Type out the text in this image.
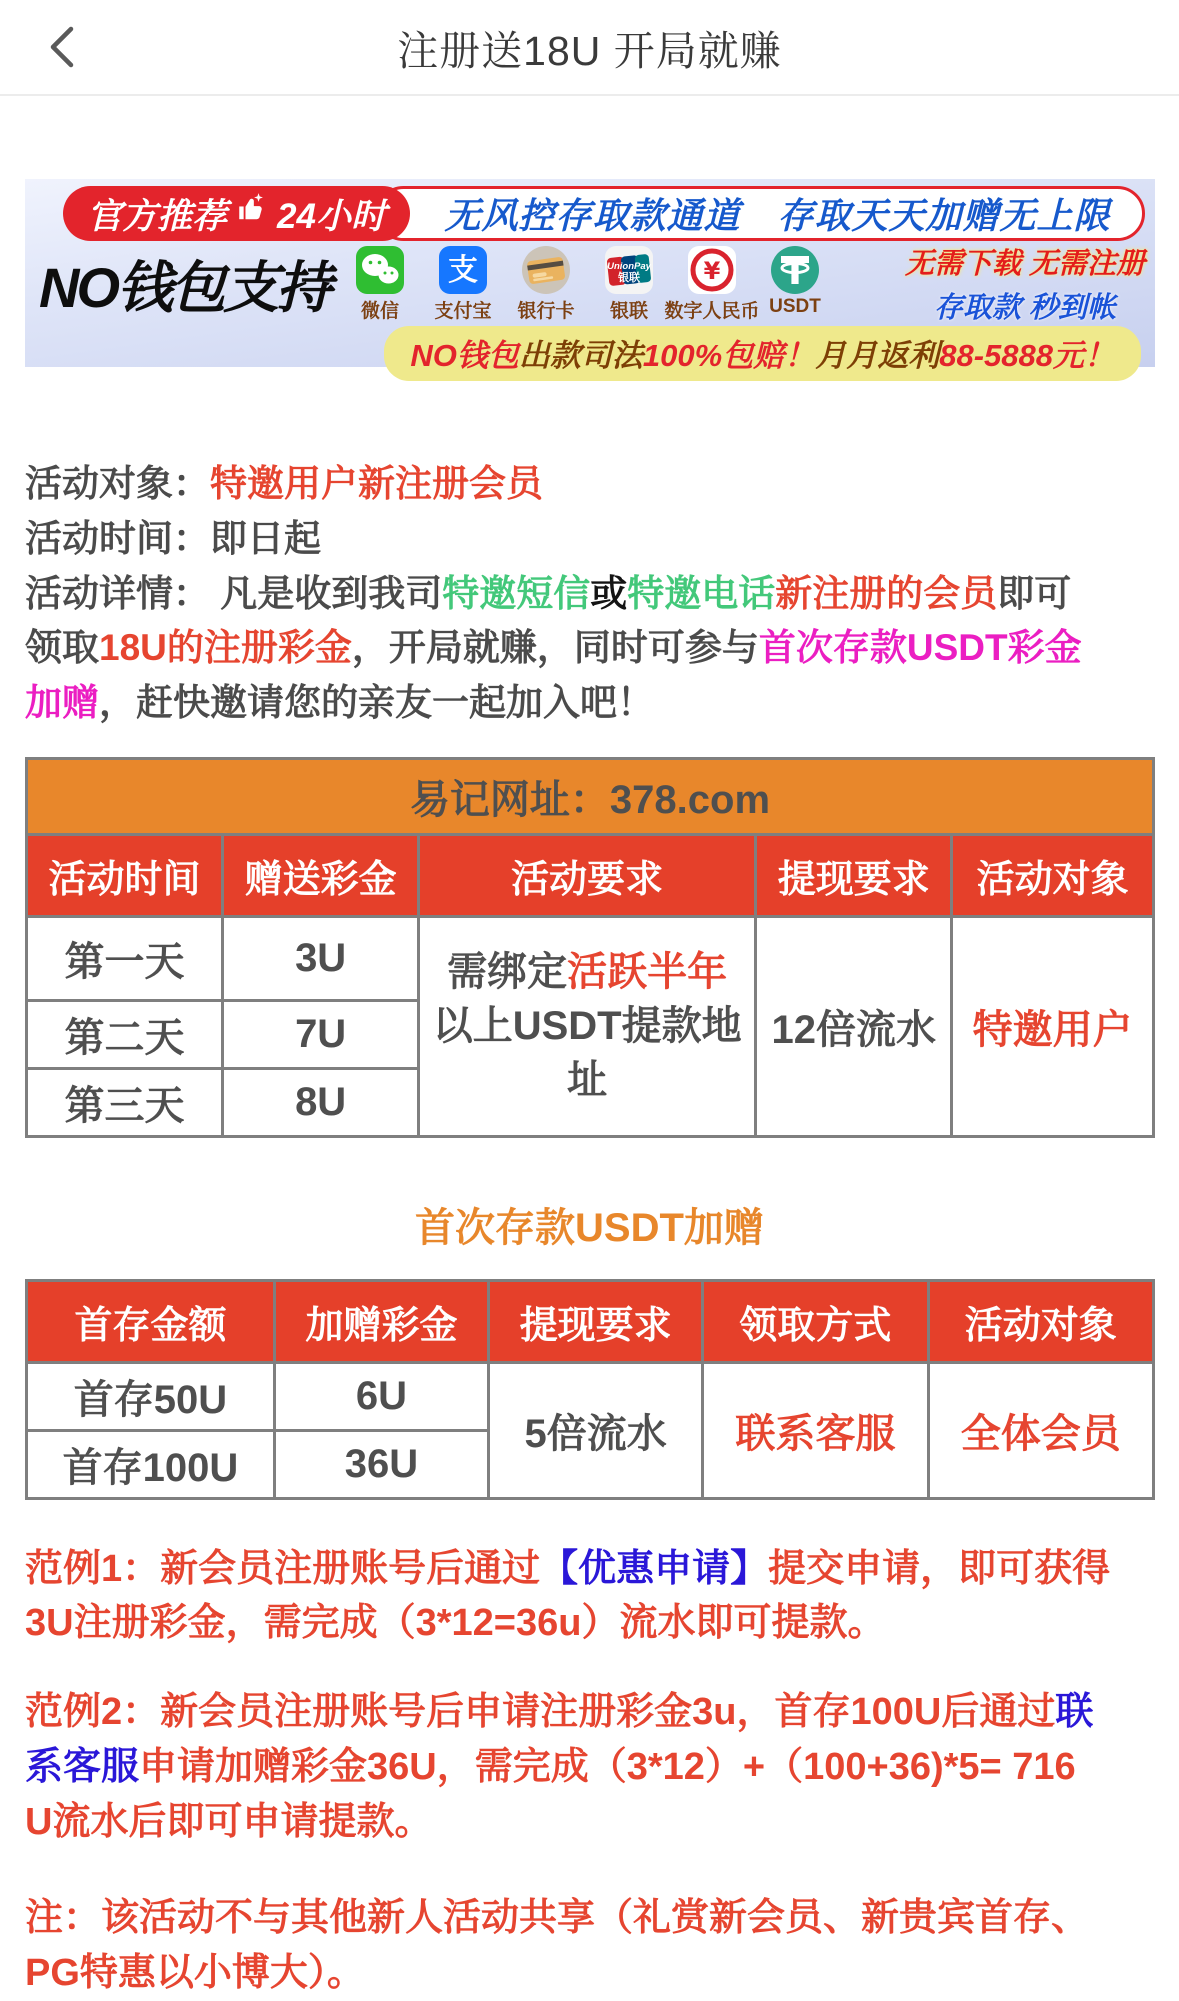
注册送18U 开局就赚
官方推荐 24小时	无风控存取款通道　存取天天加赠无上限
NO钱包支持 微信
支
支付宝 银行卡
UnionPay
银联
银联
¥
数字人民币 USDT
无需下载 无需注册
存取款 秒到帐
NO钱包出款司法100%包赔！月月返利88-5888元！

活动对象：特邀用户新注册会员

活动时间：即日起

活动详情： 凡是收到我司特邀短信或特邀电话新注册的会员即可

领取18U的注册彩金，开局就赚，同时可参与首次存款USDT彩金

加赠，赶快邀请您的亲友一起加入吧！

易记网址：378.com				
活动时间	赠送彩金	活动要求	提现要求	活动对象
第一天	3U	需绑定活跃半年以上USDT提款地址	12倍流水	特邀用户
第二天	7U			
第三天	8U			
首次存款USDT加赠
首存金额	加赠彩金	提现要求	领取方式	活动对象
首存50U	6U	5倍流水	联系客服	全体会员
首存100U	36U			

范例1：新会员注册账号后通过【优惠申请】提交申请，即可获得

3U注册彩金，需完成（3*12=36u）流水即可提款。

范例2：新会员注册账号后申请注册彩金3u，首存100U后通过联

系客服申请加赠彩金36U，需完成（3*12）+（100+36)*5= 716

U流水后即可申请提款。

注：该活动不与其他新人活动共享（礼赏新会员、新贵宾首存、

PG特惠以小博大）。
